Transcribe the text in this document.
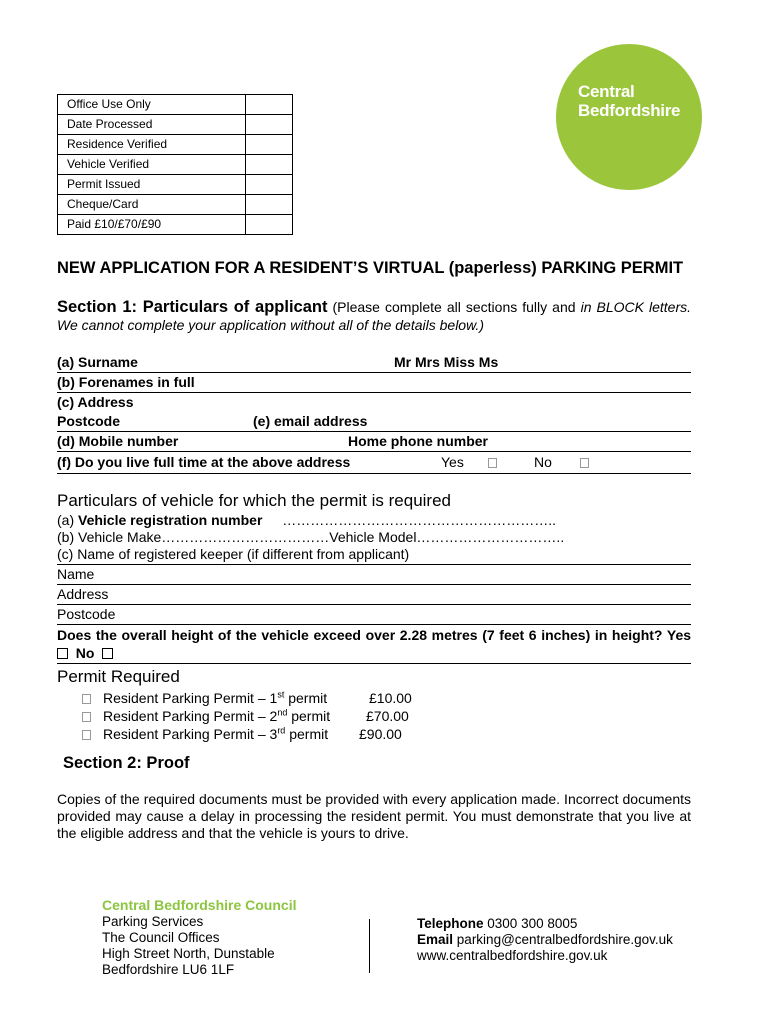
Office Use Only	
Date Processed	
Residence Verified	
Vehicle Verified	
Permit Issued	
Cheque/Card	
Paid £10/£70/£90	
Central
Bedfordshire
NEW APPLICATION FOR A RESIDENT’S VIRTUAL (paperless) PARKING PERMIT
Section 1: Particulars of applicant (Please complete all sections fully and in BLOCK letters. We cannot complete your application without all of the details below.)
(a) Surname	Mr Mrs Miss Ms
(b) Forenames in full
(c) Address
Postcode	(e) email address
(d) Mobile number	Home phone number
(f) Do you live full time at the above address	Yes	No
Particulars of vehicle for which the permit is required
(a) Vehicle registration number …………………………………………………..
(b) Vehicle Make………………………………Vehicle Model…………………………..
(c) Name of registered keeper (if different from applicant)
Name
Address
Postcode
Does the overall height of the vehicle exceed over 2.28 metres (7 feet 6 inches) in height? Yes   No
Permit Required
Resident Parking Permit – 1st permit	£10.00
Resident Parking Permit – 2nd permit	£70.00
Resident Parking Permit – 3rd permit £90.00
Section 2: Proof
Copies of the required documents must be provided with every application made. Incorrect documents provided may cause a delay in processing the resident permit. You must demonstrate that you live at the eligible address and that the vehicle is yours to drive.
Central Bedfordshire Council
Parking Services
The Council Offices
High Street North, Dunstable
Bedfordshire LU6 1LF
Telephone 0300 300 8005
Email parking@centralbedfordshire.gov.uk
www.centralbedfordshire.gov.uk
